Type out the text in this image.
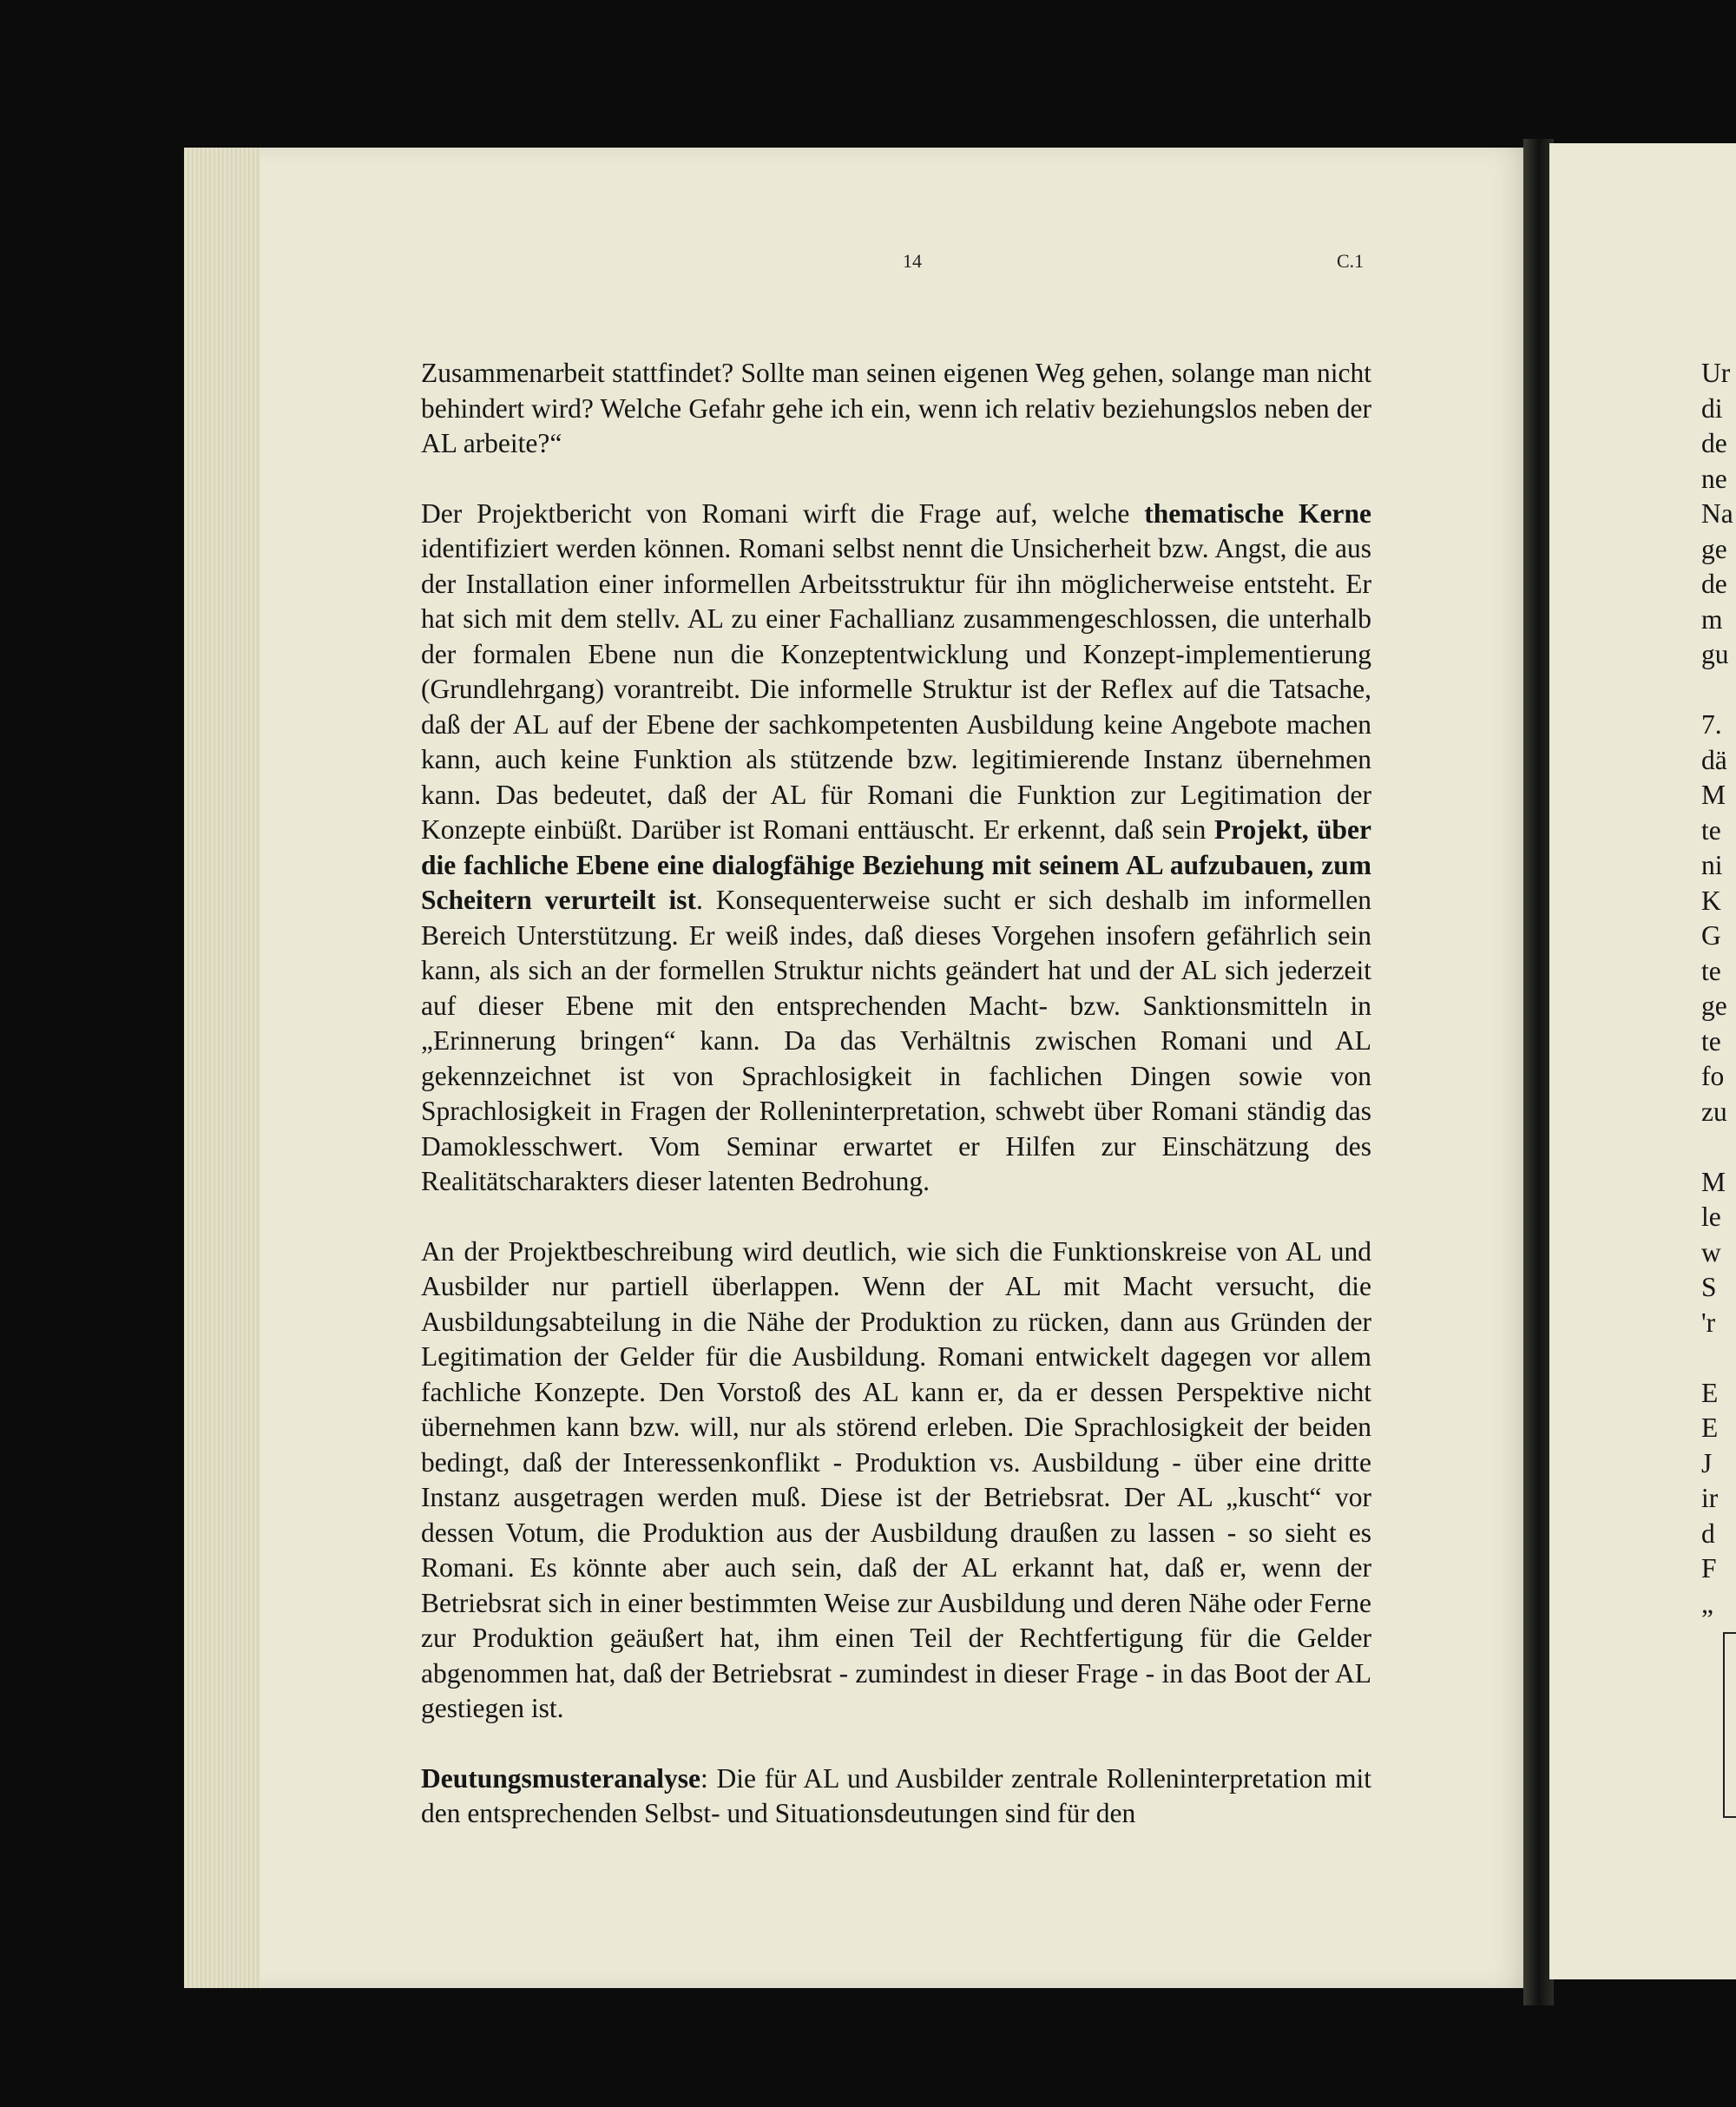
14	C.1

Zusammenarbeit stattfindet? Sollte man seinen eigenen Weg gehen, solange man nicht behindert wird? Welche Gefahr gehe ich ein, wenn ich relativ beziehungslos neben der AL arbeite?“

Der Projektbericht von Romani wirft die Frage auf, welche thematische Kerne identifiziert werden können. Romani selbst nennt die Unsicherheit bzw. Angst, die aus der Installation einer informellen Arbeitsstruktur für ihn möglicherweise entsteht. Er hat sich mit dem stellv. AL zu einer Fachallianz zusammengeschlossen, die unterhalb der formalen Ebene nun die Konzeptentwicklung und Konzept-implementierung (Grundlehrgang) vorantreibt. Die informelle Struktur ist der Reflex auf die Tatsache, daß der AL auf der Ebene der sachkompetenten Ausbildung keine Angebote machen kann, auch keine Funktion als stützende bzw. legitimierende Instanz übernehmen kann. Das bedeutet, daß der AL für Romani die Funktion zur Legitimation der Konzepte einbüßt. Darüber ist Romani enttäuscht. Er erkennt, daß sein Projekt, über die fachliche Ebene eine dialogfähige Beziehung mit seinem AL aufzubauen, zum Scheitern verurteilt ist. Konsequenterweise sucht er sich deshalb im informellen Bereich Unterstützung. Er weiß indes, daß dieses Vorgehen insofern gefährlich sein kann, als sich an der formellen Struktur nichts geändert hat und der AL sich jederzeit auf dieser Ebene mit den entsprechenden Macht- bzw. Sanktionsmitteln in „Erinnerung bringen“ kann. Da das Verhältnis zwischen Romani und AL gekennzeichnet ist von Sprachlosigkeit in fachlichen Dingen sowie von Sprachlosigkeit in Fragen der Rolleninterpretation, schwebt über Romani ständig das Damoklesschwert. Vom Seminar erwartet er Hilfen zur Einschätzung des Realitätscharakters dieser latenten Bedrohung.

An der Projektbeschreibung wird deutlich, wie sich die Funktionskreise von AL und Ausbilder nur partiell überlappen. Wenn der AL mit Macht versucht, die Ausbildungsabteilung in die Nähe der Produktion zu rücken, dann aus Gründen der Legitimation der Gelder für die Ausbildung. Romani entwickelt dagegen vor allem fachliche Konzepte. Den Vorstoß des AL kann er, da er dessen Perspektive nicht übernehmen kann bzw. will, nur als störend erleben. Die Sprachlosigkeit der beiden bedingt, daß der Interessenkonflikt - Produktion vs. Ausbildung - über eine dritte Instanz ausgetragen werden muß. Diese ist der Betriebsrat. Der AL „kuscht“ vor dessen Votum, die Produktion aus der Ausbildung draußen zu lassen - so sieht es Romani. Es könnte aber auch sein, daß der AL erkannt hat, daß er, wenn der Betriebsrat sich in einer bestimmten Weise zur Ausbildung und deren Nähe oder Ferne zur Produktion geäußert hat, ihm einen Teil der Rechtfertigung für die Gelder abgenommen hat, daß der Betriebsrat - zumindest in dieser Frage - in das Boot der AL gestiegen ist.

Deutungsmusteranalyse: Die für AL und Ausbilder zentrale Rolleninterpretation mit den entsprechenden Selbst- und Situationsdeutungen sind für den

Ur
di
de
ne
Na
ge
de
m
gu
7.
dä
M
te
ni
K
G
te
ge
te
fo
zu
M
le
w
S
'r
E
E
J
ir
d
F
„
